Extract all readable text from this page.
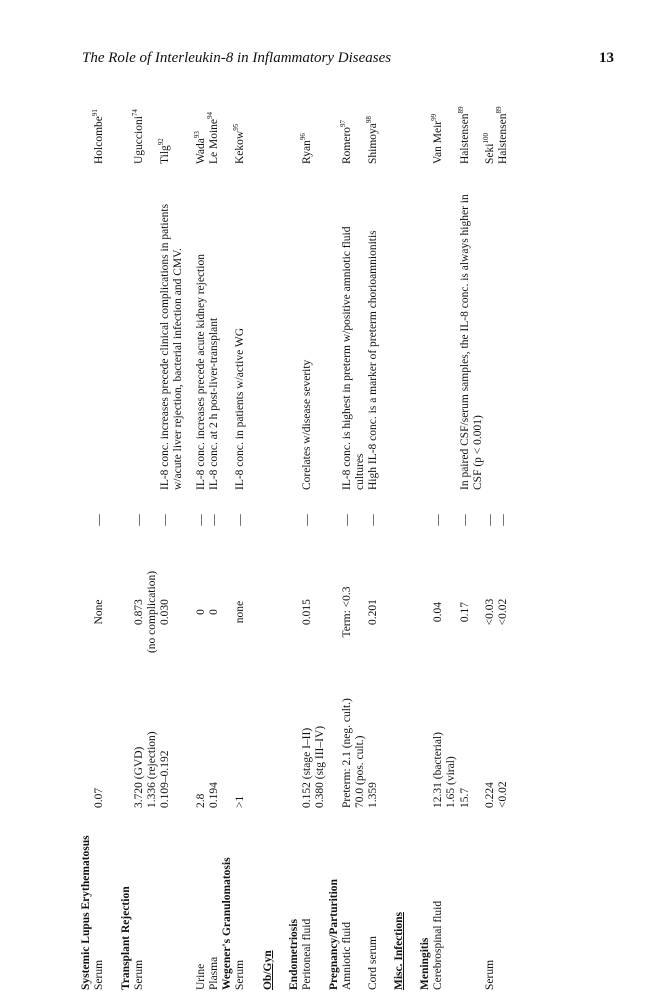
The Role of Interleukin-8 in Inflammatory Diseases	13
Systemic Lupus Erythematosus Serum
0.07
None
—
Holcombe$^{91}$
Transplant Rejection Serum
3.720 (GVD)
1.336 (rejection)
0.873
(no complication)
—
Uguccioni$^{74}$
0.109–0.192
0.030
—
IL-8 conc. increases precede clinical complications in patients w/acute liver rejection, bacterial infection and CMV.
Tilg$^{92}$
Urine
2.8
0
—
IL-8 conc. increases precede acute kidney rejection
Wada$^{93}$
Plasma
0.194
0
—
IL-8 conc. at 2 h post-liver-transplant
Le Moine$^{94}$
Wegener's Granulomatosis Serum
>1
none
—
IL-8 conc. in patients w/active WG
Kekow$^{95}$
Ob/Gyn Endometriosis Peritoneal fluid
0.152 (stage I–II)
0.380 (stg III–IV)
0.015
—
Corelates w/disease severity
Ryan$^{96}$
Pregnancy/Parturition Amniotic fluid
Preterm: 2.1 (neg. cult.)
70.0 (pos. cult.)
Term: <0.3
—
IL-8 conc. is highest in preterm w/positive amniotic fluid cultures
Romero$^{97}$
Cord serum
1.359
0.201
—
High IL-8 conc. is a marker of preterm chorioamnionitis
Shimoya$^{98}$
Misc. Infections Meningitis Cerebrospinal fluid
12.31 (bacterial)
1.65 (viral)
0.04
—
Van Meir$^{99}$
15.7
0.17
—
In paired CSF/serum samples, the IL-8 conc. is always higher in CSF (p < 0.001)
Halstensen$^{89}$
Serum
0.224
<0.03
—
Seki$^{100}$
<0.02
<0.02
—
Halstensen$^{89}$
